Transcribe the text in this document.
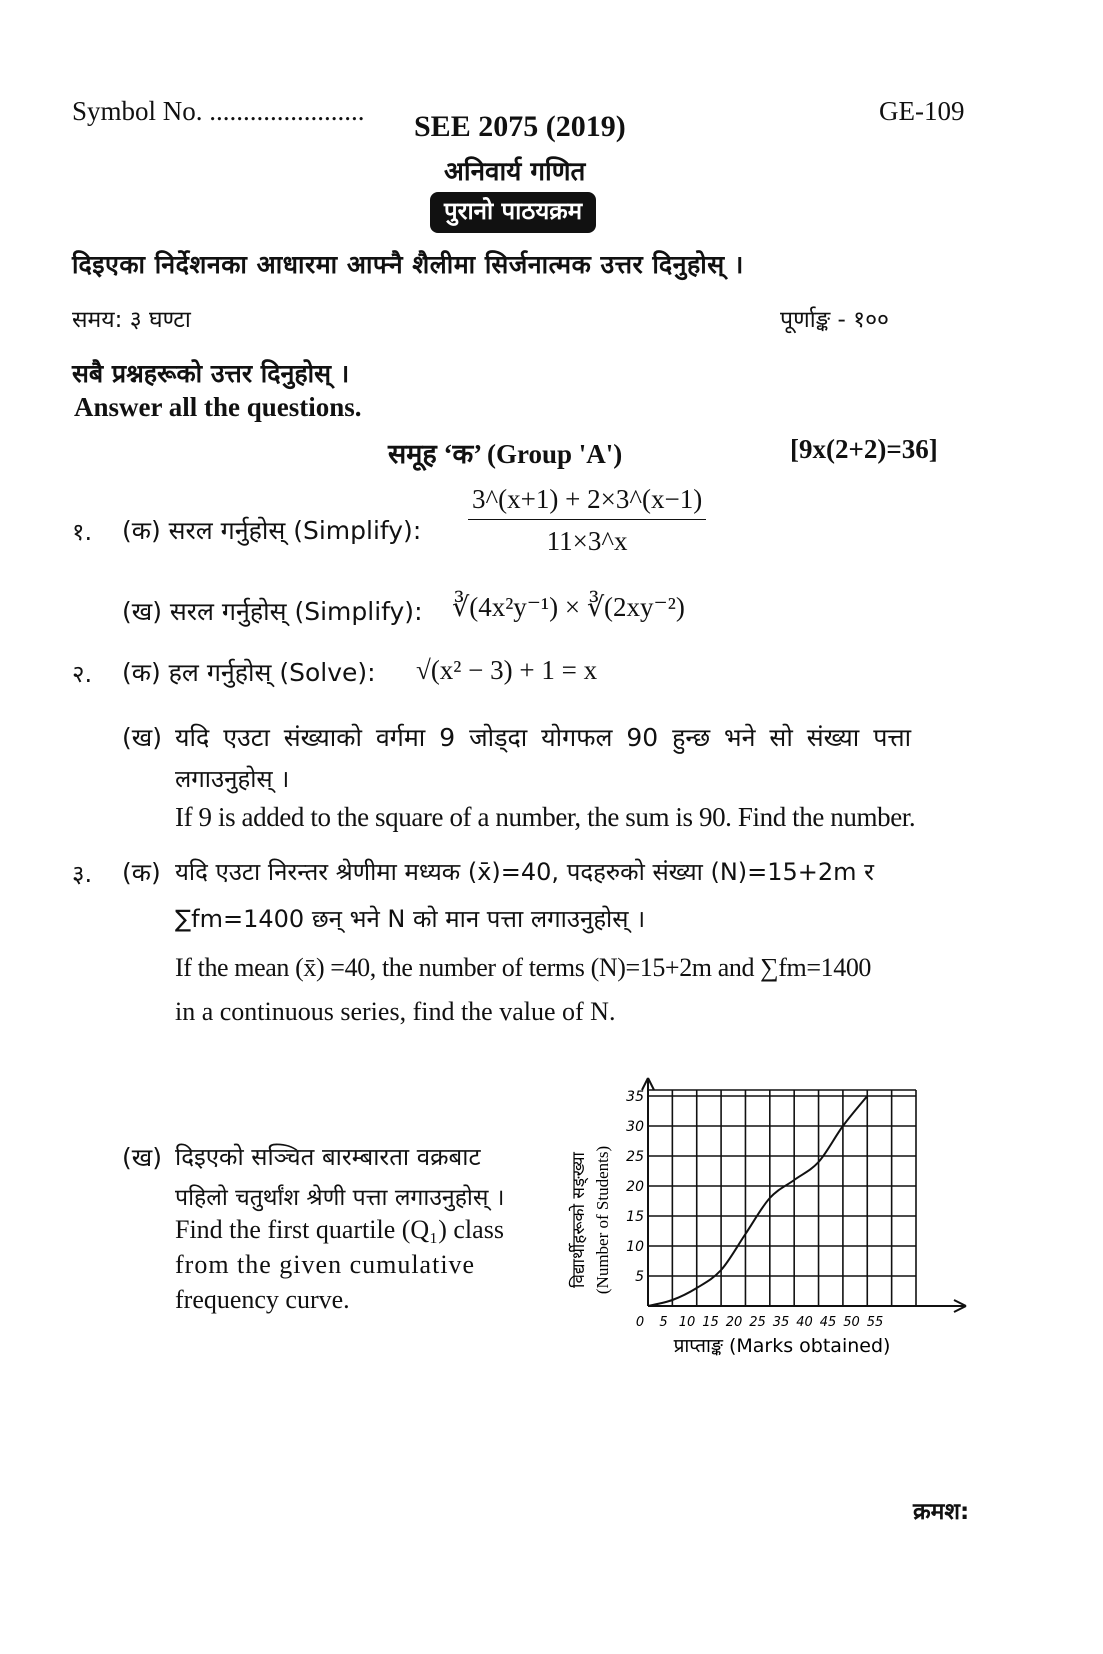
Symbol No. ....................... SEE 2075 (2019)	GE-109
अनिवार्य गणित
पुरानो पाठयक्रम
दिइएका निर्देशनका आधारमा आफ्नै शैलीमा सिर्जनात्मक उत्तर दिनुहोस् ।
समय: ३ घण्टा	पूर्णाङ्क - १००
सबै प्रश्नहरूको उत्तर दिनुहोस् ।
Answer all the questions.
समूह ‘क’ (Group 'A')	[9x(2+2)=36]
१. (क) सरल गर्नुहोस् (Simplify): $\frac{3\^{}(x+1) + 2\times 3\^{}(x-1)}{11\times 3\^{}x}$
(ख) सरल गर्नुहोस् (Simplify): ∛(4x²y⁻¹) × ∛(2xy⁻²)
२. (क) हल गर्नुहोस् (Solve): √(x² − 3) + 1 = x
(ख) यदि एउटा संख्याको वर्गमा 9 जोड्दा योगफल 90 हुन्छ भने सो संख्या पत्ता
लगाउनुहोस् ।
If 9 is added to the square of a number, the sum is 90. Find the number.
३. (क) यदि एउटा निरन्तर श्रेणीमा मध्यक (x̄)=40, पदहरुको संख्या (N)=15+2m र
∑fm=1400 छन् भने N को मान पत्ता लगाउनुहोस् ।
If the mean (x̄) =40, the number of terms (N)=15+2m and ∑fm=1400
in a continuous series, find the value of N.
(ख) दिइएको सञ्चित बारम्बारता वक्रबाट
पहिलो चतुर्थांश श्रेणी पत्ता लगाउनुहोस् ।
Find the first quartile (Q₁) class
from the given cumulative
frequency curve.
विद्यार्थीहरूको सङ्ख्या (Number of Students)
0 5 10 15 20 25 35 40 45 50 55
5
10
15
20
25
30
35
प्राप्ताङ्क (Marks obtained)
क्रमश:
